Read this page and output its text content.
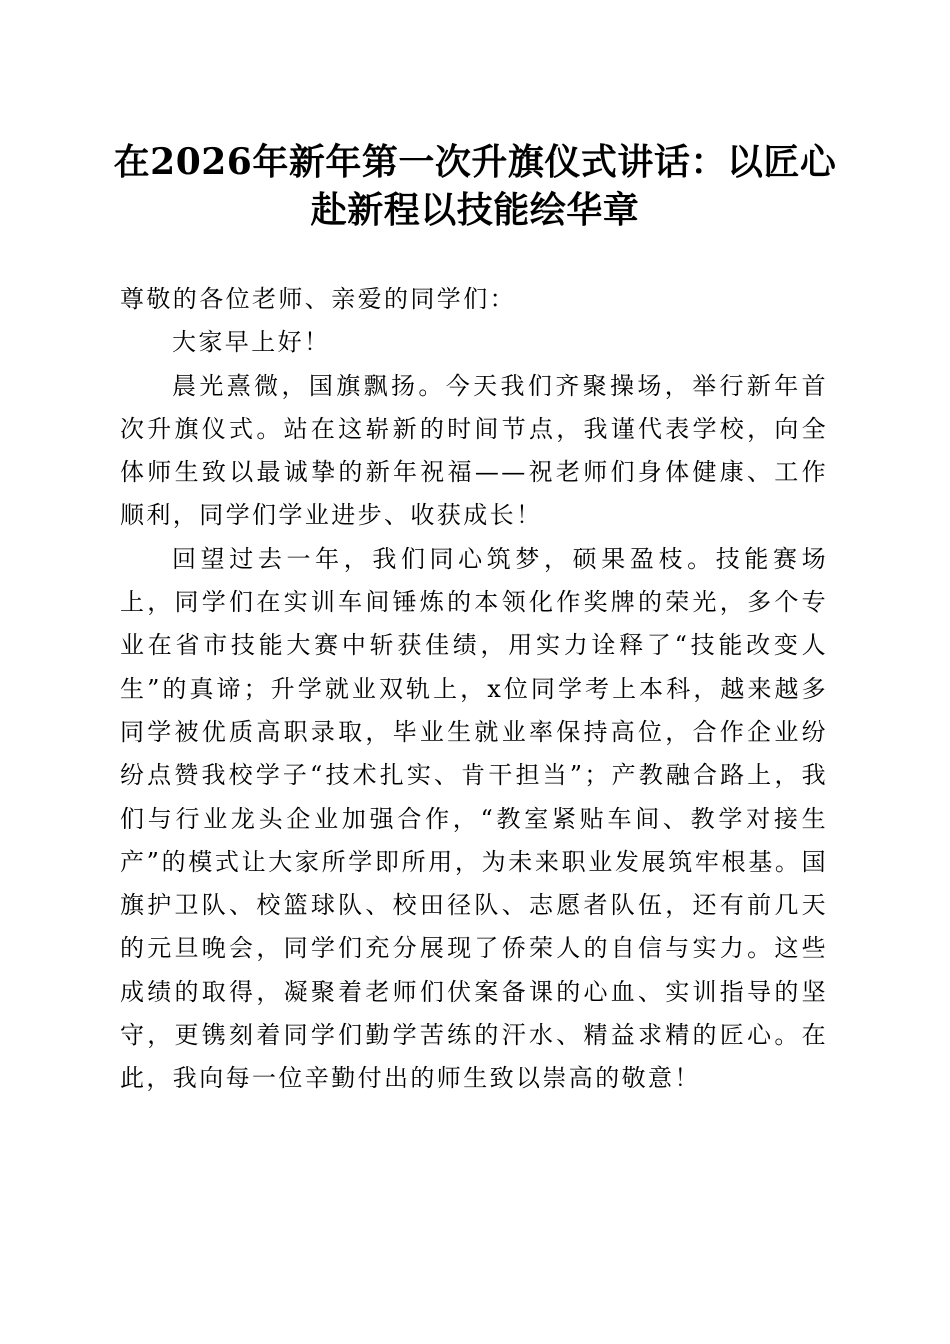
在2026年新年第一次升旗仪式讲话：以匠心
赴新程以技能绘华章

尊敬的各位老师、亲爱的同学们：

大家早上好！

晨光熹微，国旗飘扬。今天我们齐聚操场，举行新年首次升旗仪式。站在这崭新的时间节点，我谨代表学校，向全体师生致以最诚挚的新年祝福——祝老师们身体健康、工作顺利，同学们学业进步、收获成长！

回望过去一年，我们同心筑梦，硕果盈枝。技能赛场上，同学们在实训车间锤炼的本领化作奖牌的荣光，多个专业在省市技能大赛中斩获佳绩，用实力诠释了“技能改变人生”的真谛；升学就业双轨上，x位同学考上本科，越来越多同学被优质高职录取，毕业生就业率保持高位，合作企业纷纷点赞我校学子“技术扎实、肯干担当”；产教融合路上，我们与行业龙头企业加强合作，“教室紧贴车间、教学对接生产”的模式让大家所学即所用，为未来职业发展筑牢根基。国旗护卫队、校篮球队、校田径队、志愿者队伍，还有前几天的元旦晚会，同学们充分展现了侨荣人的自信与实力。这些成绩的取得，凝聚着老师们伏案备课的心血、实训指导的坚守，更镌刻着同学们勤学苦练的汗水、精益求精的匠心。在此，我向每一位辛勤付出的师生致以崇高的敬意！
